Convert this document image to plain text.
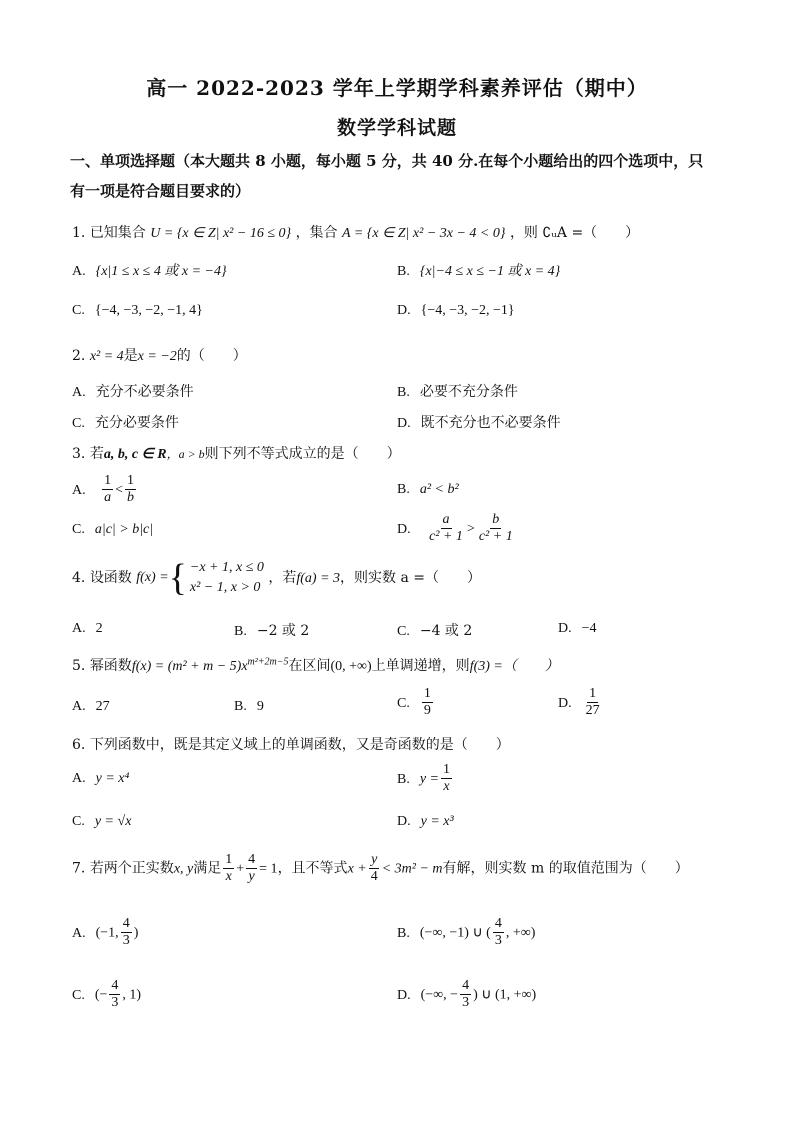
高一 2022-2023 学年上学期学科素养评估（期中）
数学学科试题
一、单项选择题（本大题共 8 小题，每小题 5 分，共 40 分.在每个小题给出的四个选项中，只
有一项是符合题目要求的）
1. 已知集合 U = {x ∈ Z| x² − 16 ≤ 0} ，集合 A = {x ∈ Z| x² − 3x − 4 < 0} ，则 ∁ᵤA =（　　）
A. {x|1 ≤ x ≤ 4 或 x = −4}	B. {x|−4 ≤ x ≤ −1 或 x = 4}
C. {−4, −3, −2, −1, 4}	D. {−4, −3, −2, −1}
2. x² = 4是x = −2的（　　）
A. 充分不必要条件	B. 必要不充分条件
C. 充分必要条件	D. 既不充分也不必要条件
3. 若a, b, c ∈ R，a > b则下列不等式成立的是（　　）
A. $\frac{1}{a} < \frac{1}{b}$	B. a² < b²
C. a|c| > b|c|	D. $\frac{a}{\text{c² + 1}} > \frac{b}{\text{c² + 1}}$
4. 设函数 f(x) = { −x + 1, x ≤ 0
x² − 1, x > 0
，若f(a) = 3，则实数 a =（　　）
A. 2	B. −2 或 2	C. −4 或 2	D. −4
5. 幂函数$f(x) = (m^2 + m - 5)x^{m^2+2m-5}$在区间(0, +∞)上单调递增，则f(3) =（　　）
A. 27	B. 9	C. $\frac{1}{9}$	D. $\frac{1}{27}$
6. 下列函数中，既是其定义域上的单调函数，又是奇函数的是（　　）
A. y = x⁴	B. $y = \frac{1}{x}$
C. y = √x	D. y = x³
7. 若两个正实数x, y满足 $\frac{1}{x} + \frac{4}{y} = 1$，且不等式$x + \frac{y}{4} < 3m^2 - m$有解，则实数 m 的取值范围为（　　）
A. (−1, $\frac{4}{3}$ )	B. (−∞, −1) ∪ ( $\frac{4}{3}$ , +∞)
C. (− $\frac{4}{3}$ , 1)	D. (−∞, − $\frac{4}{3}$ ) ∪ (1, +∞)
